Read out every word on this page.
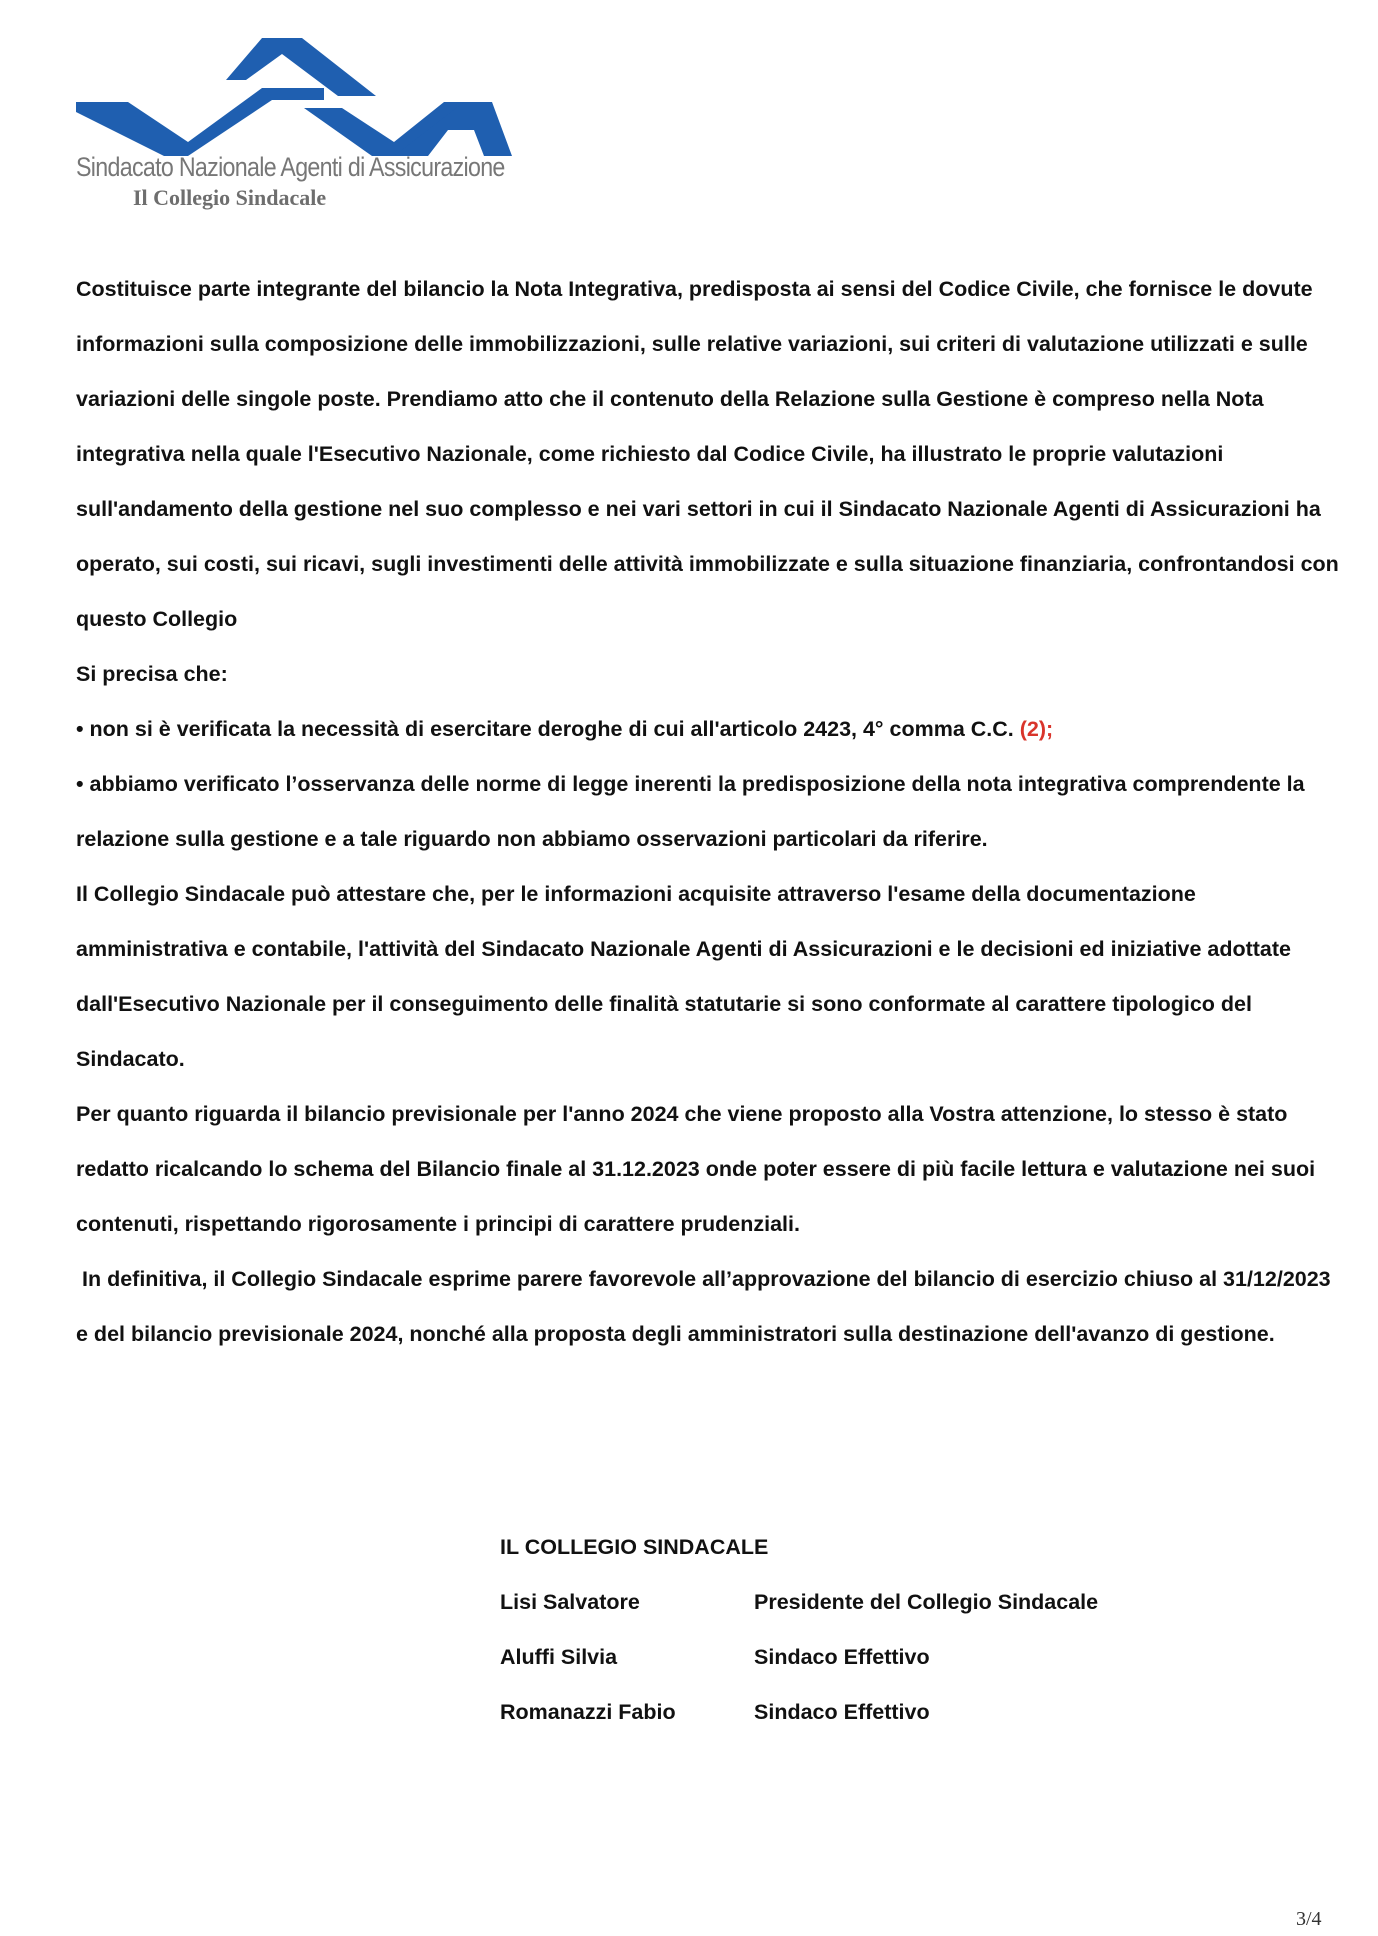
Sindacato Nazionale Agenti di Assicurazione
Il Collegio Sindacale

Costituisce parte integrante del bilancio la Nota Integrativa, predisposta ai sensi del Codice Civile, che fornisce le dovute informazioni sulla composizione delle immobilizzazioni, sulle relative variazioni, sui criteri di valutazione utilizzati e sulle variazioni delle singole poste. Prendiamo atto che il contenuto della Relazione sulla Gestione è compreso nella Nota integrativa nella quale l'Esecutivo Nazionale, come richiesto dal Codice Civile, ha illustrato le proprie valutazioni sull'andamento della gestione nel suo complesso e nei vari settori in cui il Sindacato Nazionale Agenti di Assicurazioni ha operato, sui costi, sui ricavi, sugli investimenti delle attività immobilizzate e sulla situazione finanziaria, confrontandosi con questo Collegio

Si precisa che:

• non si è verificata la necessità di esercitare deroghe di cui all'articolo 2423, 4° comma C.C. (2);

• abbiamo verificato l’osservanza delle norme di legge inerenti la predisposizione della nota integrativa comprendente la relazione sulla gestione e a tale riguardo non abbiamo osservazioni particolari da riferire.

Il Collegio Sindacale può attestare che, per le informazioni acquisite attraverso l'esame della documentazione amministrativa e contabile, l'attività del Sindacato Nazionale Agenti di Assicurazioni e le decisioni ed iniziative adottate dall'Esecutivo Nazionale per il conseguimento delle finalità statutarie si sono conformate al carattere tipologico del Sindacato.

Per quanto riguarda il bilancio previsionale per l'anno 2024 che viene proposto alla Vostra attenzione, lo stesso è stato redatto ricalcando lo schema del Bilancio finale al 31.12.2023 onde poter essere di più facile lettura e valutazione nei suoi contenuti, rispettando rigorosamente i principi di carattere prudenziali.

In definitiva, il Collegio Sindacale esprime parere favorevole all’approvazione del bilancio di esercizio chiuso al 31/12/2023 e del bilancio previsionale 2024, nonché alla proposta degli amministratori sulla destinazione dell'avanzo di gestione.

IL COLLEGIO SINDACALE
Lisi Salvatore	Presidente del Collegio Sindacale
Aluffi Silvia	Sindaco Effettivo
Romanazzi Fabio	Sindaco Effettivo
3/4
